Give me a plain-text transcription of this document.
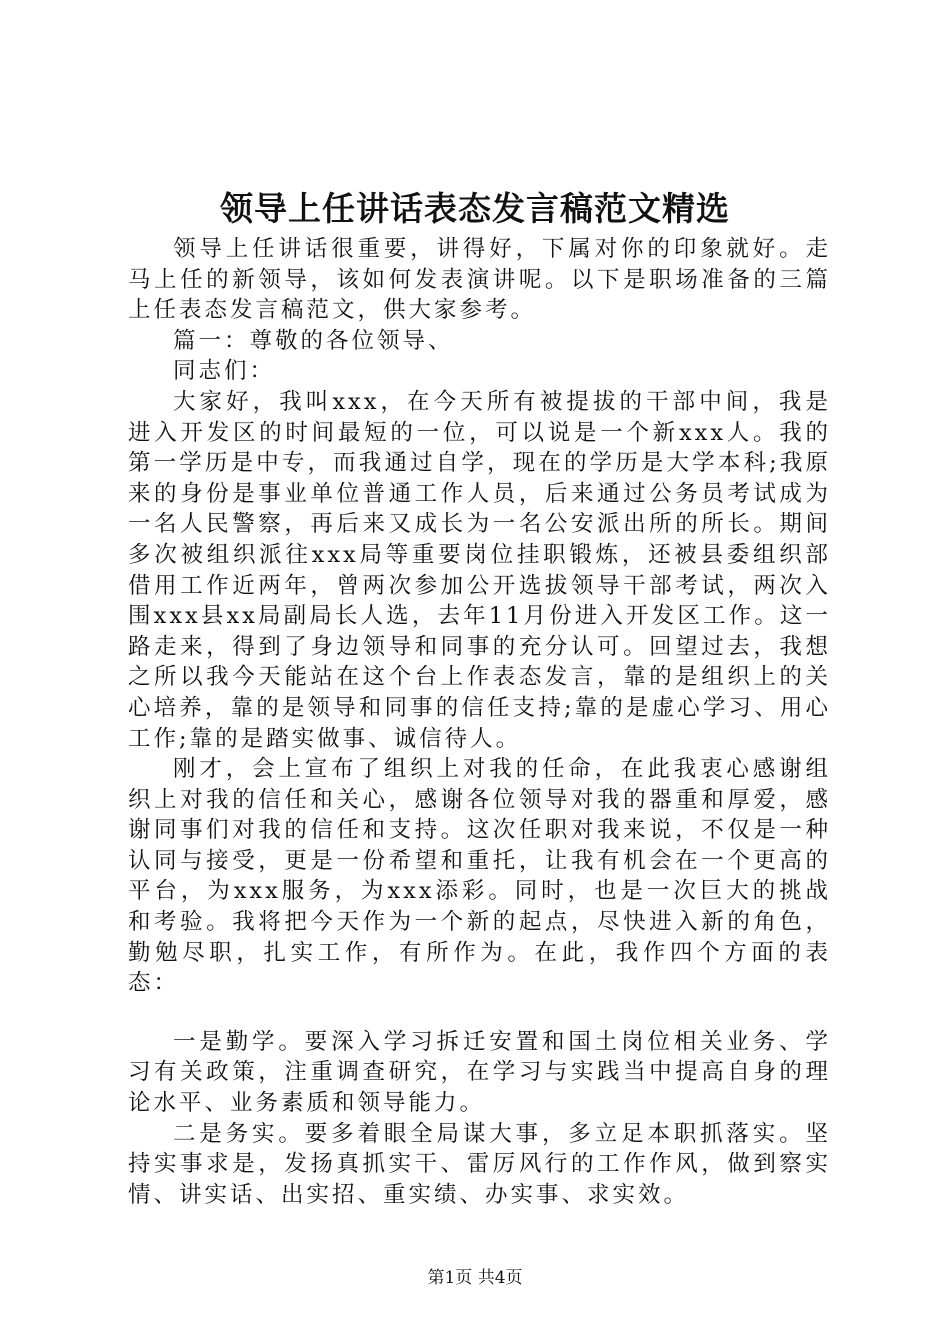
领导上任讲话表态发言稿范文精选

领导上任讲话很重要，讲得好，下属对你的印象就好。走马上任的新领导，该如何发表演讲呢。以下是职场准备的三篇上任表态发言稿范文，供大家参考。

篇一：尊敬的各位领导、

同志们：

大家好，我叫xxx，在今天所有被提拔的干部中间，我是进入开发区的时间最短的一位，可以说是一个新xxx人。我的第一学历是中专，而我通过自学，现在的学历是大学本科;我原来的身份是事业单位普通工作人员，后来通过公务员考试成为一名人民警察，再后来又成长为一名公安派出所的所长。期间多次被组织派往xxx局等重要岗位挂职锻炼，还被县委组织部借用工作近两年，曾两次参加公开选拔领导干部考试，两次入围xxx县xx局副局长人选，去年11月份进入开发区工作。这一路走来，得到了身边领导和同事的充分认可。回望过去，我想之所以我今天能站在这个台上作表态发言，靠的是组织上的关心培养，靠的是领导和同事的信任支持;靠的是虚心学习、用心工作;靠的是踏实做事、诚信待人。

刚才，会上宣布了组织上对我的任命，在此我衷心感谢组织上对我的信任和关心，感谢各位领导对我的器重和厚爱，感谢同事们对我的信任和支持。这次任职对我来说，不仅是一种认同与接受，更是一份希望和重托，让我有机会在一个更高的平台，为xxx服务，为xxx添彩。同时，也是一次巨大的挑战和考验。我将把今天作为一个新的起点，尽快进入新的角色，勤勉尽职，扎实工作，有所作为。在此，我作四个方面的表态：

一是勤学。要深入学习拆迁安置和国土岗位相关业务、学习有关政策，注重调查研究，在学习与实践当中提高自身的理论水平、业务素质和领导能力。

二是务实。要多着眼全局谋大事，多立足本职抓落实。坚持实事求是，发扬真抓实干、雷厉风行的工作作风，做到察实情、讲实话、出实招、重实绩、办实事、求实效。

第1页 共4页
